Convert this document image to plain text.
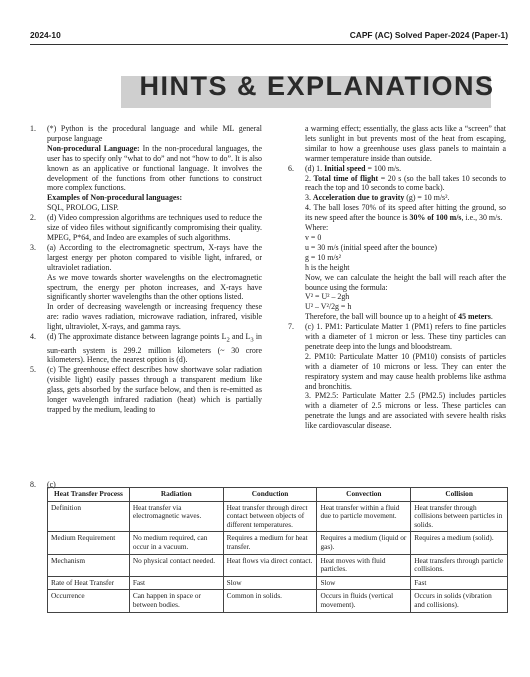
2024-10	CAPF (AC) Solved Paper-2024 (Paper-1)
HINTS & EXPLANATIONS
1. (*) Python is the procedural language and while ML general purpose language
Non-procedural Language: In the non-procedural languages, the user has to specify only “what to do” and not “how to do”. It is also known as an applicative or functional language. It involves the development of the functions from other functions to construct more complex functions.
Examples of Non-procedural languages:
SQL, PROLOG, LISP.
2. (d) Video compression algorithms are techniques used to reduce the size of video files without significantly compromising their quality. MPEG, P*64, and Indeo are examples of such algorithms.
3. (a) According to the electromagnetic spectrum, X-rays have the largest energy per photon compared to visible light, infrared, or ultraviolet radiation.
As we move towards shorter wavelengths on the electromagnetic spectrum, the energy per photon increases, and X-rays have significantly shorter wavelengths than the other options listed.
In order of decreasing wavelength or increasing frequency these are: radio waves radiation, microwave radiation, infrared, visible light, ultraviolet, X-rays, and gamma rays.
4. (d) The approximate distance between lagrange points $L_2$ and $L_3$ in sun-earth system is 299.2 million kilometers (~ 30 crore kilometers). Hence, the nearest option is (d).
5. (c) The greenhouse effect describes how shortwave solar radiation (visible light) easily passes through a transparent medium like glass, gets absorbed by the surface below, and then is re-emitted as longer wavelength infrared radiation (heat) which is partially trapped by the medium, leading to
a warming effect; essentially, the glass acts like a “screen” that lets sunlight in but prevents most of the heat from escaping, similar to how a greenhouse uses glass panels to maintain a warmer temperature inside than outside.
6. (d) 1. Initial speed = 100 m/s.
2. Total time of flight = 20 s (so the ball takes 10 seconds to reach the top and 10 seconds to come back).
3. Acceleration due to gravity (g) = 10 m/s².
4. The ball loses 70% of its speed after hitting the ground, so its new speed after the bounce is 30% of 100 m/s, i.e., 30 m/s.
Where:
v = 0
u = 30 m/s (initial speed after the bounce)
g = 10 m/s²
h is the height
Now, we can calculate the height the ball will reach after the bounce using the formula:
V² = U² – 2gh
U² – V²/2g = h
Therefore, the ball will bounce up to a height of 45 meters.
7. (c) 1. PM1: Particulate Matter 1 (PM1) refers to fine particles with a diameter of 1 micron or less. These tiny particles can penetrate deep into the lungs and bloodstream.
2. PM10: Particulate Matter 10 (PM10) consists of particles with a diameter of 10 microns or less. They can enter the respiratory system and may cause health problems like asthma and bronchitis.
3. PM2.5: Particulate Matter 2.5 (PM2.5) includes particles with a diameter of 2.5 microns or less. These particles can penetrate the lungs and are associated with severe health risks like cardiovascular disease.
8. (c)
Heat Transfer Process	Radiation	Conduction	Convection	Collision
Definition	Heat transfer via electromagnetic waves.	Heat transfer through direct contact between objects of different temperatures.	Heat transfer within a fluid due to particle movement.	Heat transfer through collisions between particles in solids.
Medium Requirement	No medium required, can occur in a vacuum.	Requires a medium for heat transfer.	Requires a medium (liquid or gas).	Requires a medium (solid).
Mechanism	No physical contact needed.	Heat flows via direct contact.	Heat moves with fluid particles.	Heat transfers through particle collisions.
Rate of Heat Transfer	Fast	Slow	Slow	Fast
Occurrence	Can happen in space or between bodies.	Common in solids.	Occurs in fluids (vertical movement).	Occurs in solids (vibration and collisions).
